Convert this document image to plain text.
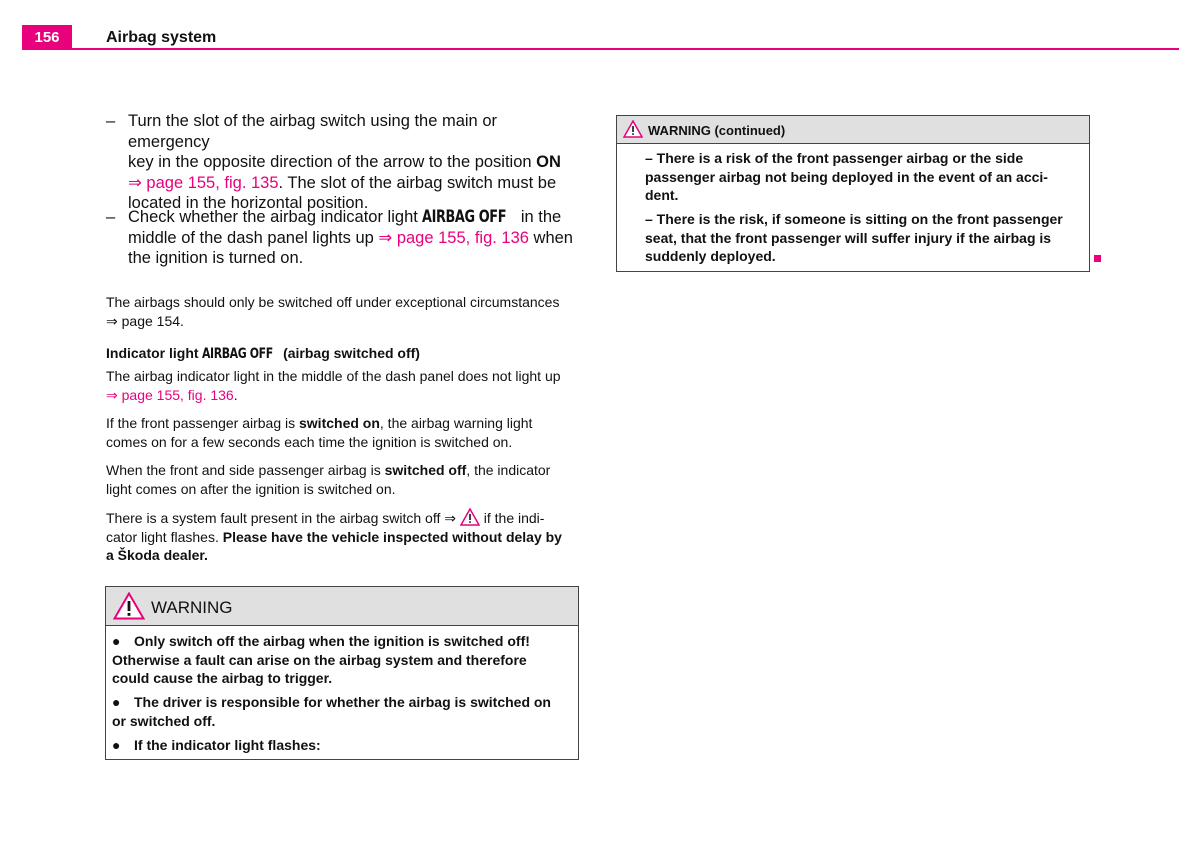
156	Airbag system
– Turn the slot of the airbag switch using the main or emergency
key in the opposite direction of the arrow to the position ON
⇒ page 155, fig. 135. The slot of the airbag switch must be
located in the horizontal position.
– Check whether the airbag indicator light AIRBAG OFF in the
middle of the dash panel lights up ⇒ page 155, fig. 136 when
the ignition is turned on.
The airbags should only be switched off under exceptional circumstances
⇒ page 154.
Indicator light AIRBAG OFF (airbag switched off)
The airbag indicator light in the middle of the dash panel does not light up
⇒ page 155, fig. 136.
If the front passenger airbag is switched on, the airbag warning light
comes on for a few seconds each time the ignition is switched on.
When the front and side passenger airbag is switched off, the indicator
light comes on after the ignition is switched on.
There is a system fault present in the airbag switch off ⇒  if the indi-
cator light flashes. Please have the vehicle inspected without delay by
a Škoda dealer.
WARNING
● Only switch off the airbag when the ignition is switched off!
Otherwise a fault can arise on the airbag system and therefore
could cause the airbag to trigger.
● The driver is responsible for whether the airbag is switched on
or switched off.
● If the indicator light flashes:
WARNING (continued)
– There is a risk of the front passenger airbag or the side
passenger airbag not being deployed in the event of an acci-
dent.
– There is the risk, if someone is sitting on the front passenger
seat, that the front passenger will suffer injury if the airbag is
suddenly deployed.
